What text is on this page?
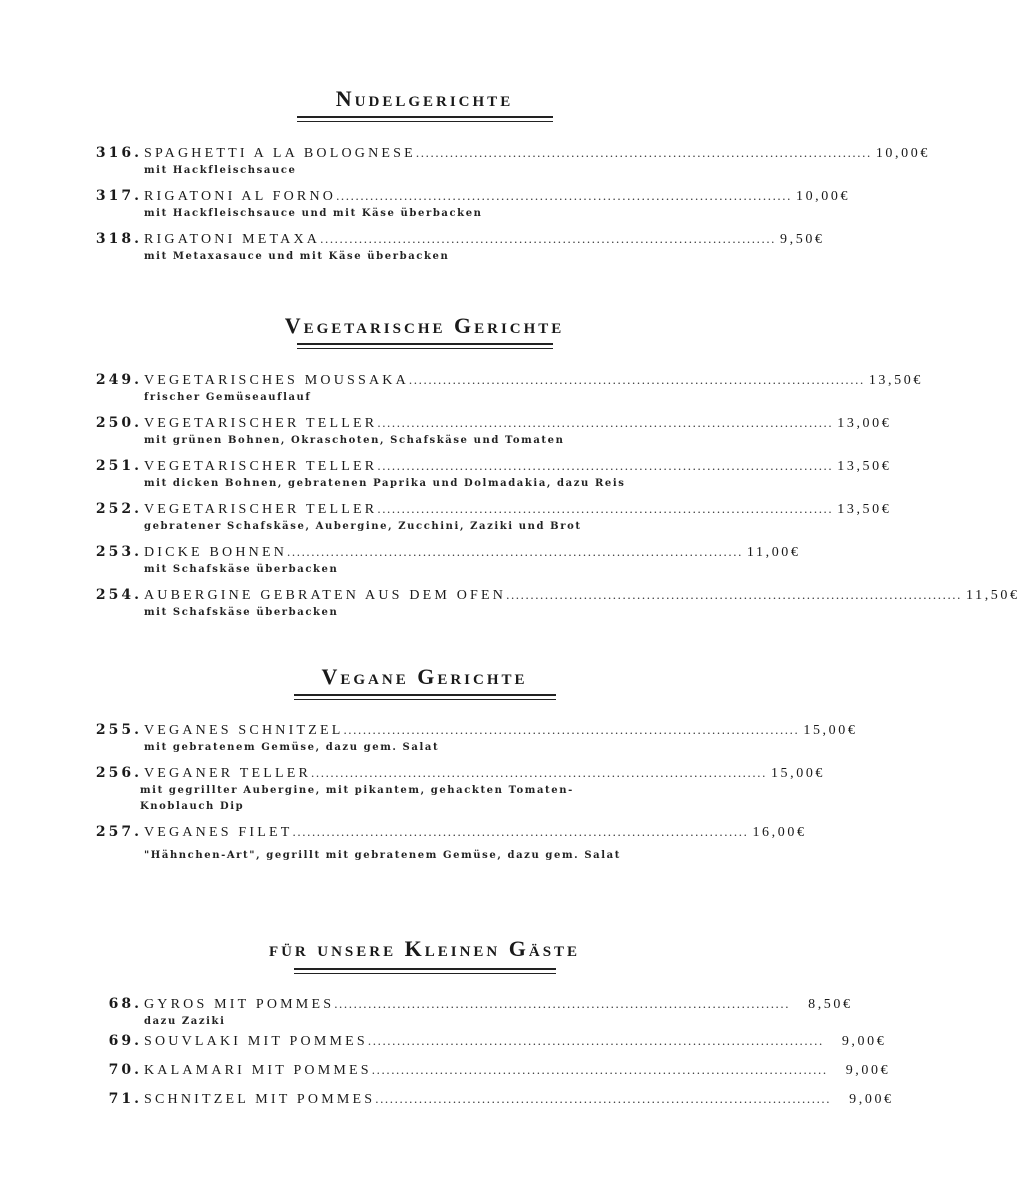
Nudelgerichte
316. SPAGHETTI A LA BOLOGNESE .............................................................................................. 10,00€
mit Hackfleischsauce
317. RIGATONI AL FORNO .............................................................................................. 10,00€
mit Hackfleischsauce und mit Käse überbacken
318. RIGATONI METAXA .............................................................................................. 9,50€
mit Metaxasauce und mit Käse überbacken
Vegetarische Gerichte
249. VEGETARISCHES MOUSSAKA .............................................................................................. 13,50€
frischer Gemüseauflauf
250. VEGETARISCHER TELLER .............................................................................................. 13,00€
mit grünen Bohnen, Okraschoten, Schafskäse und Tomaten
251. VEGETARISCHER TELLER .............................................................................................. 13,50€
mit dicken Bohnen, gebratenen Paprika und Dolmadakia, dazu Reis
252. VEGETARISCHER TELLER .............................................................................................. 13,50€
gebratener Schafskäse, Aubergine, Zucchini, Zaziki und Brot
253. DICKE BOHNEN .............................................................................................. 11,00€
mit Schafskäse überbacken
254. AUBERGINE GEBRATEN AUS DEM OFEN .............................................................................................. 11,50€
mit Schafskäse überbacken
Vegane Gerichte
255. VEGANES SCHNITZEL .............................................................................................. 15,00€
mit gebratenem Gemüse, dazu gem. Salat
256. VEGANER TELLER .............................................................................................. 15,00€
mit gegrillter Aubergine, mit pikantem, gehackten Tomaten-Knoblauch Dip
257. VEGANES FILET .............................................................................................. 16,00€
"Hähnchen-Art", gegrillt mit gebratenem Gemüse, dazu gem. Salat
für unsere Kleinen Gäste
68. GYROS MIT POMMES ..............................................................................................	8,50€
dazu Zaziki
69. SOUVLAKI MIT POMMES ..............................................................................................	9,00€
70. KALAMARI MIT POMMES ..............................................................................................	9,00€
71. SCHNITZEL MIT POMMES ..............................................................................................	9,00€
